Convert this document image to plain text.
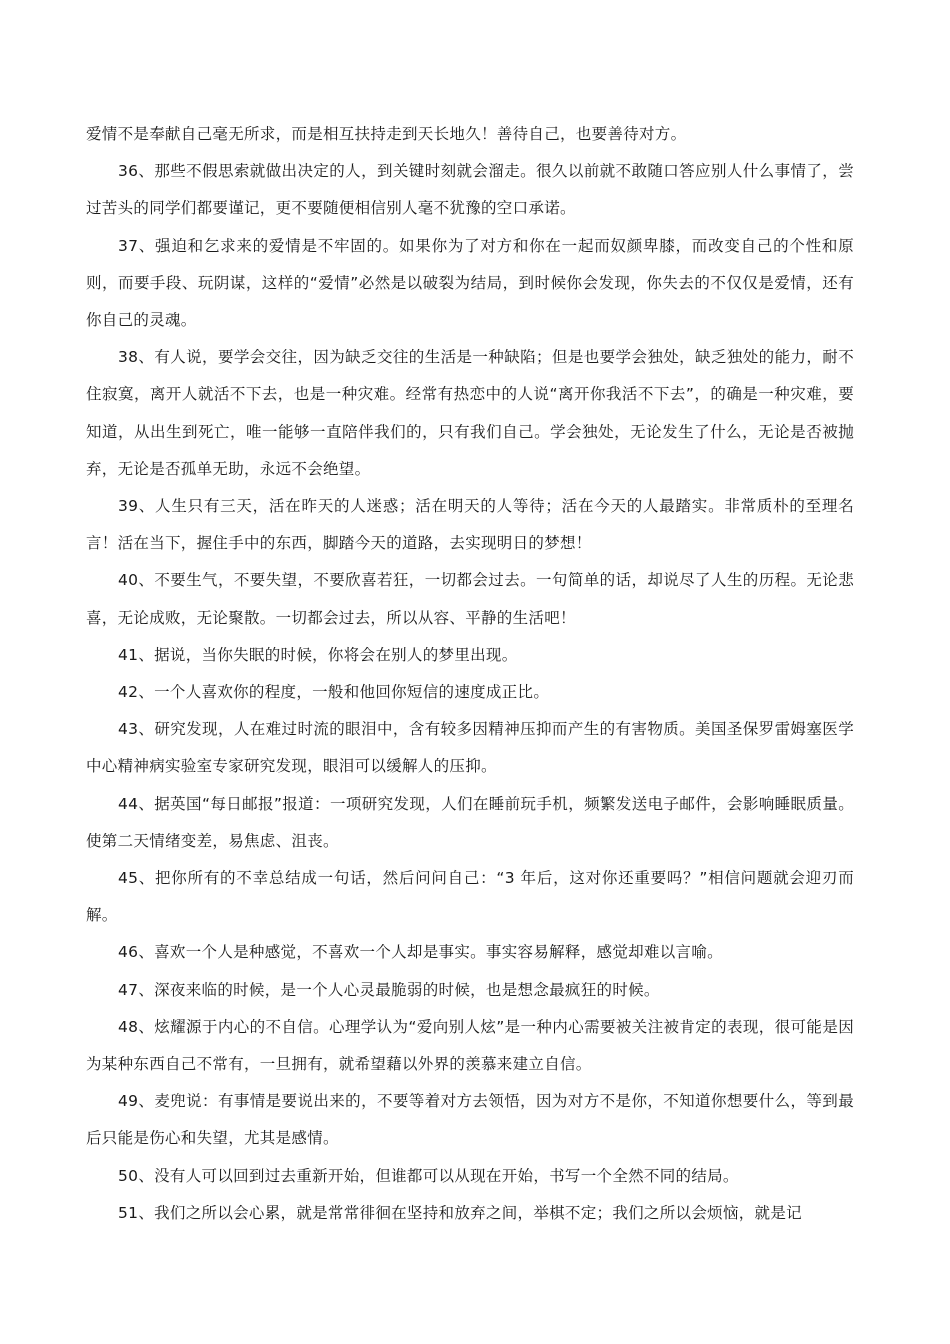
爱情不是奉献自己毫无所求，而是相互扶持走到天长地久！善待自己，也要善待对方。

36、那些不假思索就做出决定的人，到关键时刻就会溜走。很久以前就不敢随口答应别人什么事情了，尝过苦头的同学们都要谨记，更不要随便相信别人毫不犹豫的空口承诺。

37、强迫和乞求来的爱情是不牢固的。如果你为了对方和你在一起而奴颜卑膝，而改变自己的个性和原则，而要手段、玩阴谋，这样的“爱情”必然是以破裂为结局，到时候你会发现，你失去的不仅仅是爱情，还有你自己的灵魂。

38、有人说，要学会交往，因为缺乏交往的生活是一种缺陷；但是也要学会独处，缺乏独处的能力，耐不住寂寞，离开人就活不下去，也是一种灾难。经常有热恋中的人说“离开你我活不下去”，的确是一种灾难，要知道，从出生到死亡，唯一能够一直陪伴我们的，只有我们自己。学会独处，无论发生了什么，无论是否被抛弃，无论是否孤单无助，永远不会绝望。

39、人生只有三天，活在昨天的人迷惑；活在明天的人等待；活在今天的人最踏实。非常质朴的至理名言！活在当下，握住手中的东西，脚踏今天的道路，去实现明日的梦想！

40、不要生气，不要失望，不要欣喜若狂，一切都会过去。一句简单的话，却说尽了人生的历程。无论悲喜，无论成败，无论聚散。一切都会过去，所以从容、平静的生活吧！

41、据说，当你失眠的时候，你将会在别人的梦里出现。

42、一个人喜欢你的程度，一般和他回你短信的速度成正比。

43、研究发现，人在难过时流的眼泪中，含有较多因精神压抑而产生的有害物质。美国圣保罗雷姆塞医学中心精神病实验室专家研究发现，眼泪可以缓解人的压抑。

44、据英国“每日邮报”报道：一项研究发现，人们在睡前玩手机，频繁发送电子邮件，会影响睡眠质量。使第二天情绪变差，易焦虑、沮丧。

45、把你所有的不幸总结成一句话，然后问问自己：“3 年后，这对你还重要吗？”相信问题就会迎刃而解。

46、喜欢一个人是种感觉，不喜欢一个人却是事实。事实容易解释，感觉却难以言喻。

47、深夜来临的时候，是一个人心灵最脆弱的时候，也是想念最疯狂的时候。

48、炫耀源于内心的不自信。心理学认为“爱向别人炫”是一种内心需要被关注被肯定的表现，很可能是因为某种东西自己不常有，一旦拥有，就希望藉以外界的羡慕来建立自信。

49、麦兜说：有事情是要说出来的，不要等着对方去领悟，因为对方不是你，不知道你想要什么，等到最后只能是伤心和失望，尤其是感情。

50、没有人可以回到过去重新开始，但谁都可以从现在开始，书写一个全然不同的结局。

51、我们之所以会心累，就是常常徘徊在坚持和放弃之间，举棋不定；我们之所以会烦恼，就是记
